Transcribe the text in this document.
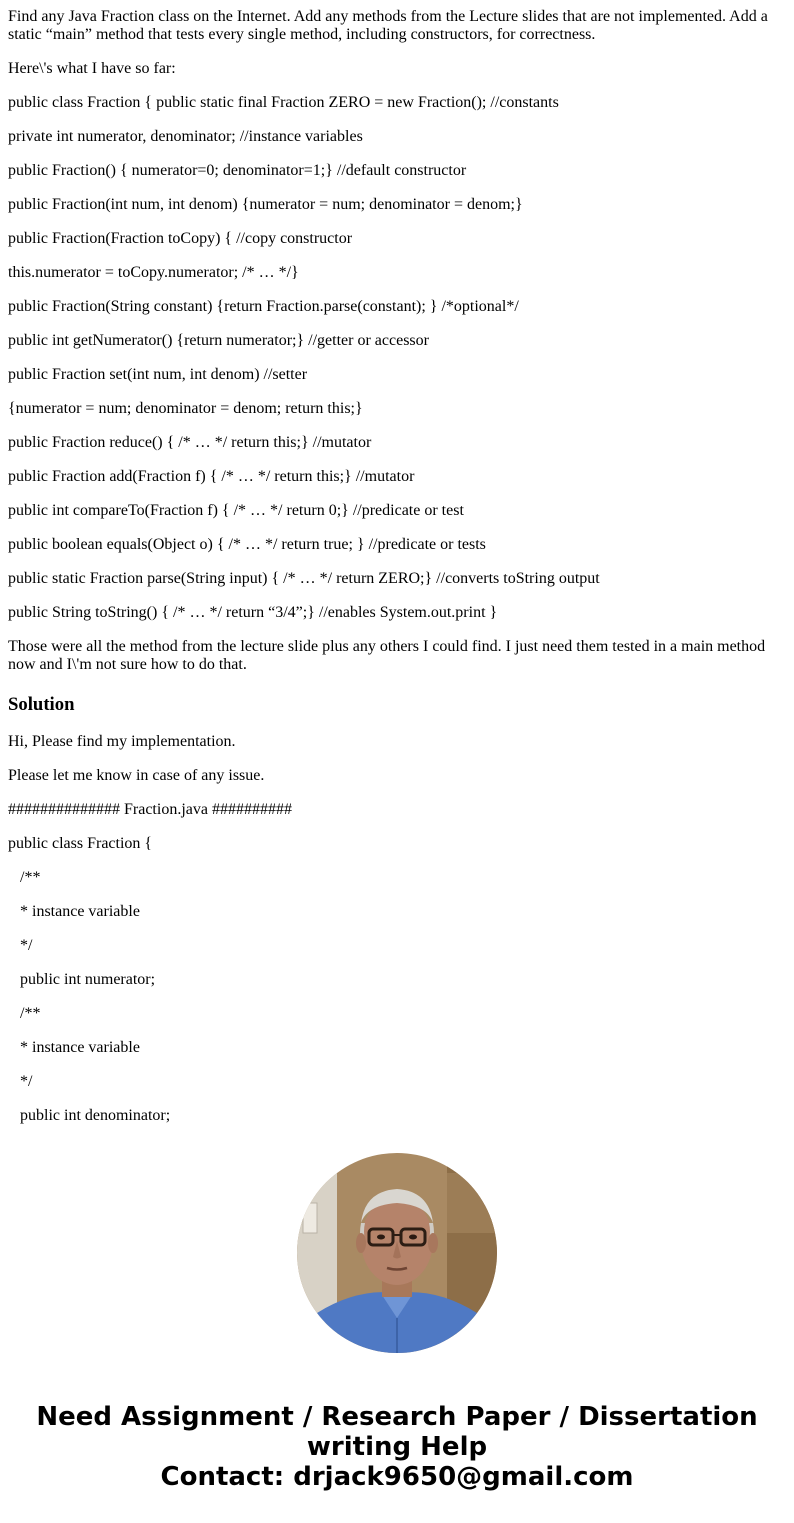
Find any Java Fraction class on the Internet. Add any methods from the Lecture slides that are not implemented. Add a static “main” method that tests every single method, including constructors, for correctness.

Here\'s what I have so far:

public class Fraction { public static final Fraction ZERO = new Fraction(); //constants

private int numerator, denominator; //instance variables

public Fraction() { numerator=0; denominator=1;} //default constructor

public Fraction(int num, int denom) {numerator = num; denominator = denom;}

public Fraction(Fraction toCopy) { //copy constructor

this.numerator = toCopy.numerator; /* … */}

public Fraction(String constant) {return Fraction.parse(constant); } /*optional*/

public int getNumerator() {return numerator;} //getter or accessor

public Fraction set(int num, int denom) //setter

{numerator = num; denominator = denom; return this;}

public Fraction reduce() { /* … */ return this;} //mutator

public Fraction add(Fraction f) { /* … */ return this;} //mutator

public int compareTo(Fraction f) { /* … */ return 0;} //predicate or test

public boolean equals(Object o) { /* … */ return true; } //predicate or tests

public static Fraction parse(String input) { /* … */ return ZERO;} //converts toString output

public String toString() { /* … */ return “3/4”;} //enables System.out.print }

Those were all the method from the lecture slide plus any others I could find. I just need them tested in a main method now and I\'m not sure how to do that.

Solution

Hi, Please find my implementation.

Please let me know in case of any issue.

############## Fraction.java ##########

public class Fraction {

/**

* instance variable

*/

public int numerator;

/**

* instance variable

*/

public int denominator;

Need Assignment / Research Paper / Dissertation
writing Help
Contact: drjack9650@gmail.com
